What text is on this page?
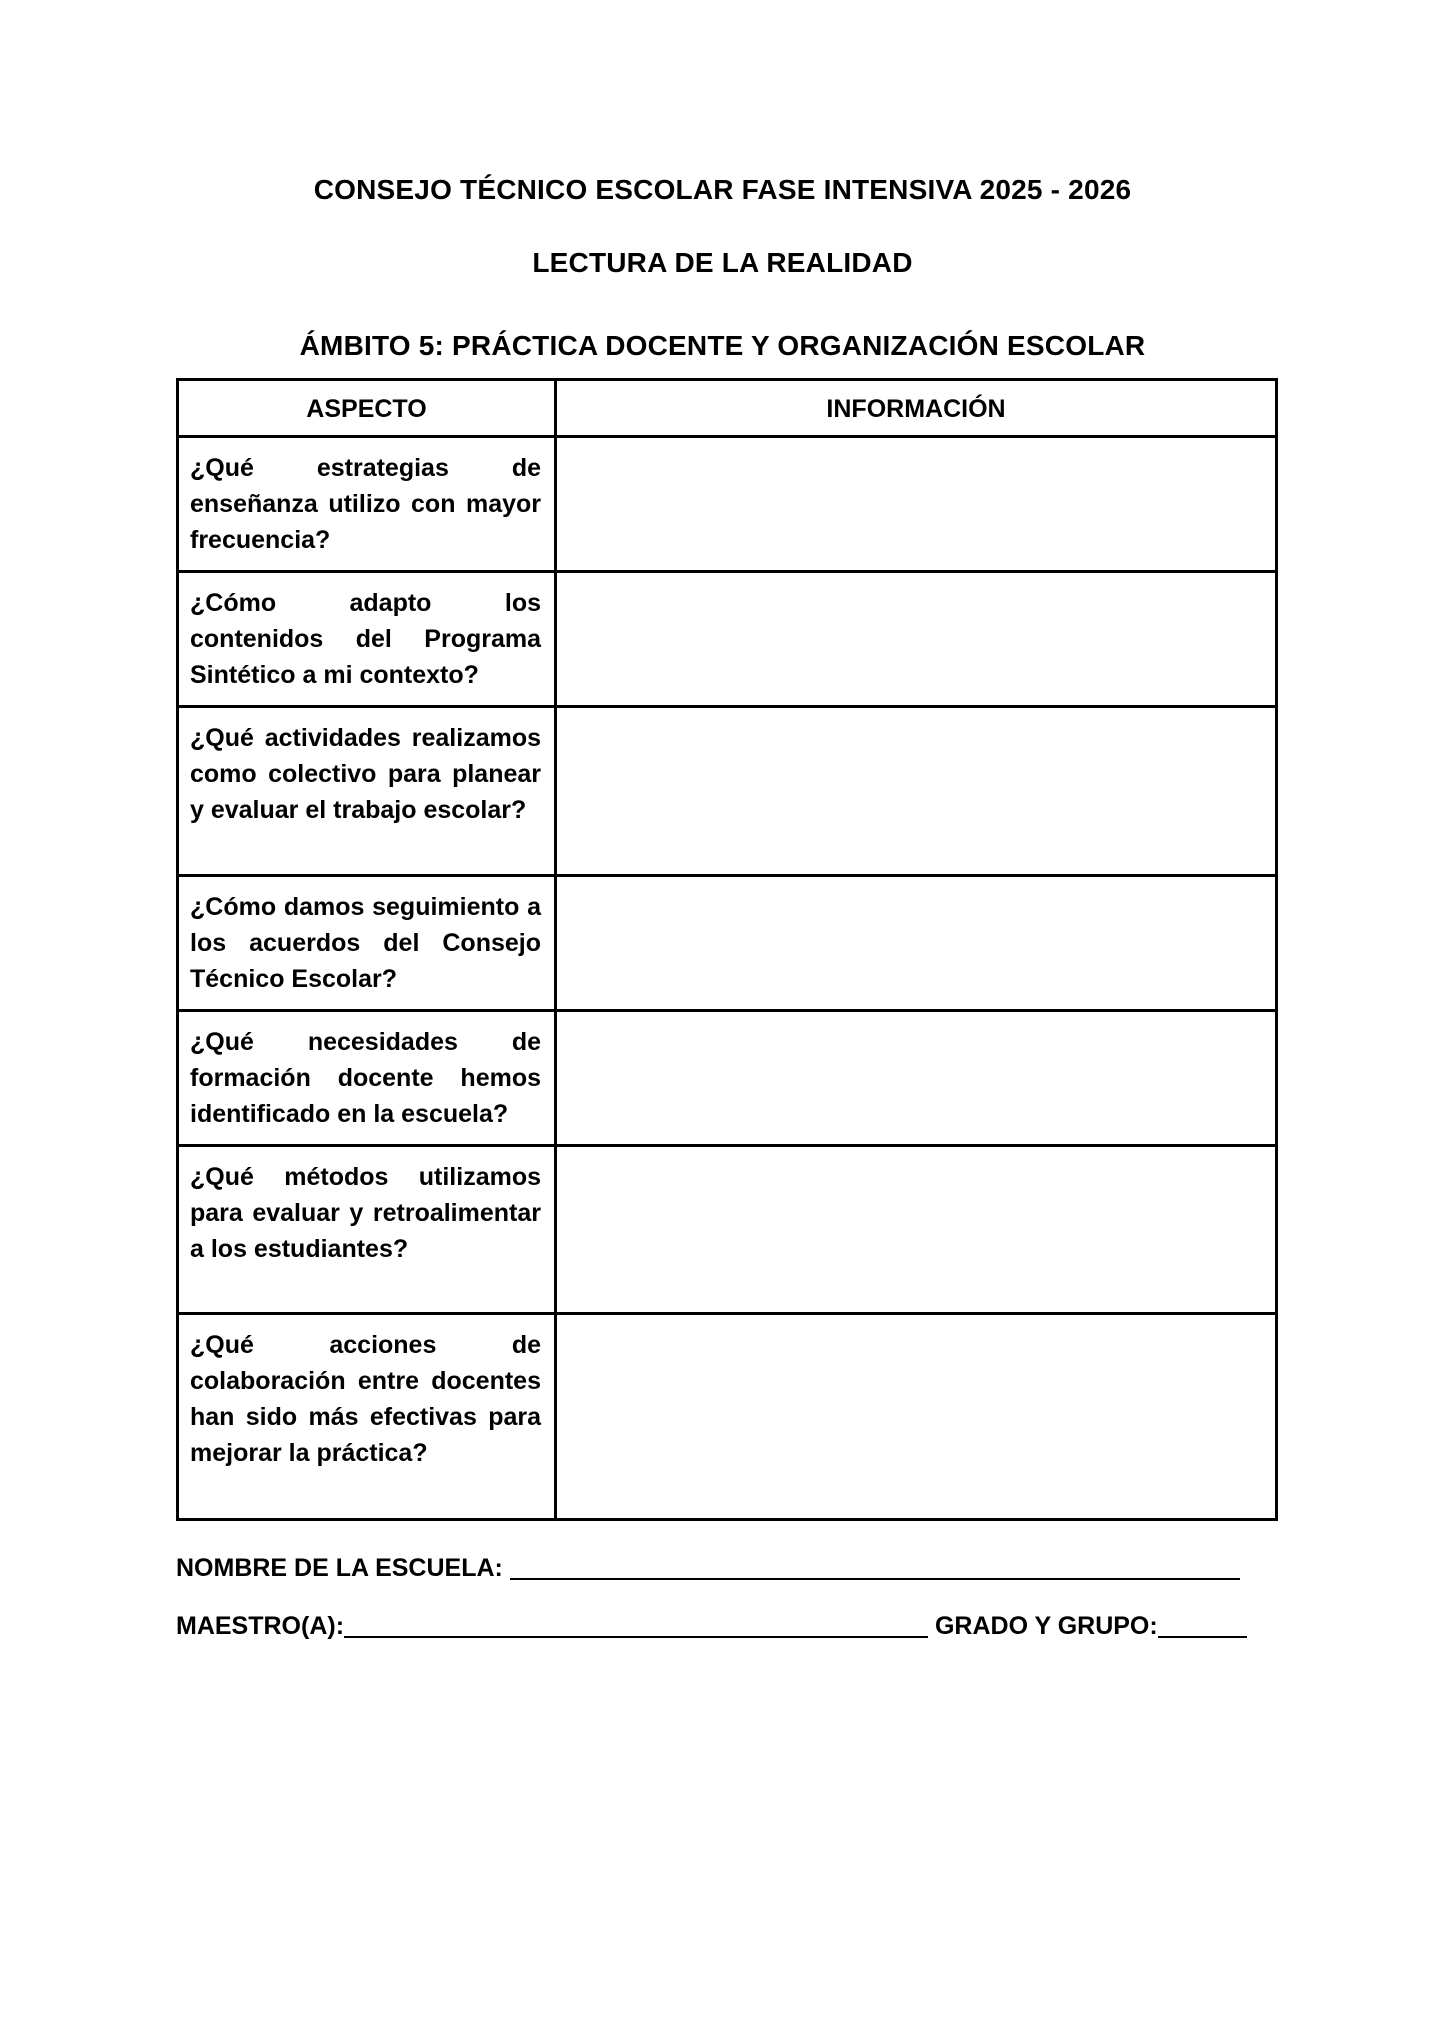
CONSEJO TÉCNICO ESCOLAR FASE INTENSIVA 2025 - 2026
LECTURA DE LA REALIDAD
ÁMBITO 5: PRÁCTICA DOCENTE Y ORGANIZACIÓN ESCOLAR
ASPECTO	INFORMACIÓN

¿Qué estrategias de enseñanza utilizo con mayor frecuencia?	

¿Cómo adapto los contenidos del Programa Sintético a mi contexto?	

¿Qué actividades realizamos como colectivo para planear y evaluar el trabajo escolar?	

¿Cómo damos seguimiento a los acuerdos del Consejo Técnico Escolar?	

¿Qué necesidades de formación docente hemos identificado en la escuela?	

¿Qué métodos utilizamos para evaluar y retroalimentar a los estudiantes?	

¿Qué acciones de colaboración entre docentes han sido más efectivas para mejorar la práctica?	

NOMBRE DE LA ESCUELA:
MAESTRO(A):	GRADO Y GRUPO:
